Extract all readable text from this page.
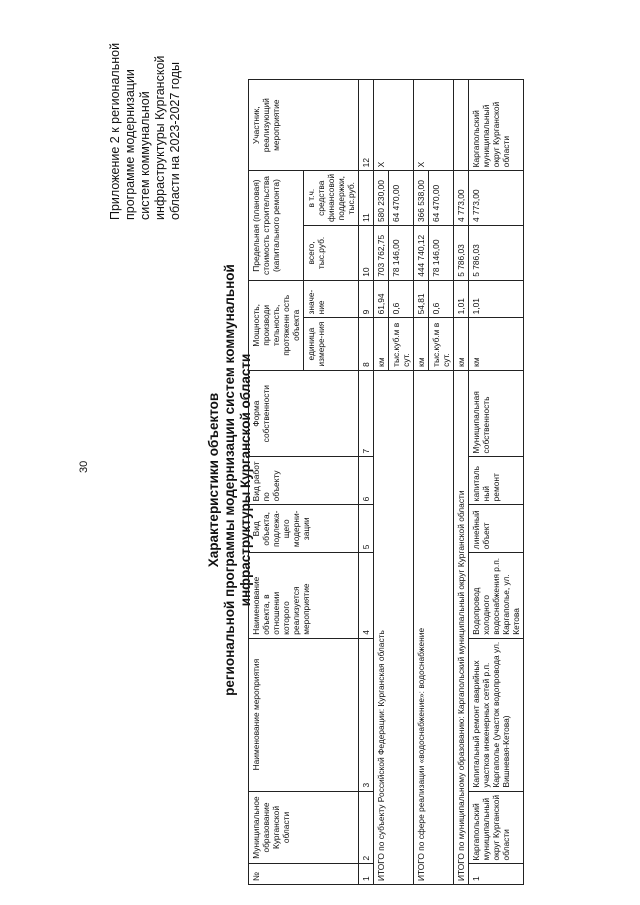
30
Приложение 2 к региональной программе модернизации систем коммунальной инфраструктуры Курганской области на 2023-2027 годы
Характеристики объектов региональной программы модернизации систем коммунальной инфраструктуры Курганской области
№	Муниципальное образование Курганской области	Наименование мероприятия	Наименование объекта, в отношении которого реализуется мероприятие	Вид объекта, подлежа-щего модерни-зации	Вид работ по объекту	Форма собственности	Мощность, производи тельность, протяженн ость объекта		Предельная (плановая) стоимость строительства (капитального ремонта)		Участник, реализующий мероприятие
							единица измере-ния	значе-ние	всего, тыс.руб.	в т.ч. средства финансовой поддержки, тыс.руб.	
1	2	3	4	5	6	7	8	9	10	11	12
ИТОГО по субъекту Российской Федерации: Курганская область							км	61,94	703 762,75	580 230,00	X
							тыс.куб.м в сут.	0,6	78 146,00	64 470,00	
ИТОГО по сфере реализации «водоснабжение»: водоснабжение							км	54,81	444 740,12	366 538,00	X
							тыс.куб.м в сут.	0,6	78 146,00	64 470,00	
ИТОГО по муниципальному образованию: Каргапольский муниципальный округ Курганской области							км	1,01	5 786,03	4 773,00	
1	Каргапольский муниципальный округ Курганской области	Капитальный ремонт аварийных участков инженерных сетей р.п. Каргаполье (участок водопровода ул. Вишневая-Кетова)	Водопровод холодного водоснабжения р.п. Каргаполье, ул. Кетова	линейный объект	капиталь ный ремонт	Муниципальная собственность	км	1,01	5 786,03	4 773,00	Каргапольский муниципальный округ Курганской области
